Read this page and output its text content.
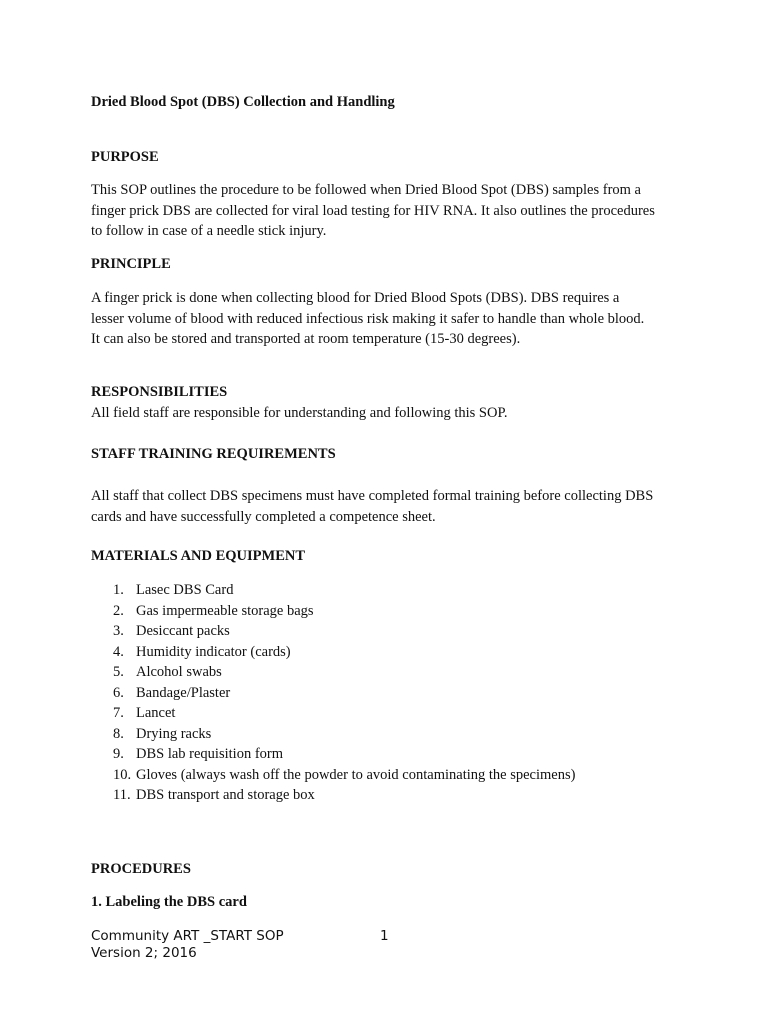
Dried Blood Spot (DBS) Collection and Handling

PURPOSE

This SOP outlines the procedure to be followed when Dried Blood Spot (DBS) samples from a
finger prick DBS are collected for viral load testing for HIV RNA. It also outlines the procedures
to follow in case of a needle stick injury.

PRINCIPLE

A finger prick is done when collecting blood for Dried Blood Spots (DBS). DBS requires a
lesser volume of blood with reduced infectious risk making it safer to handle than whole blood.
It can also be stored and transported at room temperature (15-30 degrees).

RESPONSIBILITIES

All field staff are responsible for understanding and following this SOP.

STAFF TRAINING REQUIREMENTS

All staff that collect DBS specimens must have completed formal training before collecting DBS
cards and have successfully completed a competence sheet.

MATERIALS AND EQUIPMENT

1. Lasec DBS Card
2. Gas impermeable storage bags
3. Desiccant packs
4. Humidity indicator (cards)
5. Alcohol swabs
6. Bandage/Plaster
7. Lancet
8. Drying racks
9. DBS lab requisition form
10. Gloves (always wash off the powder to avoid contaminating the specimens)
11. DBS transport and storage box

PROCEDURES

1. Labeling the DBS card

Community ART _START SOP
Version 2; 2016
1
